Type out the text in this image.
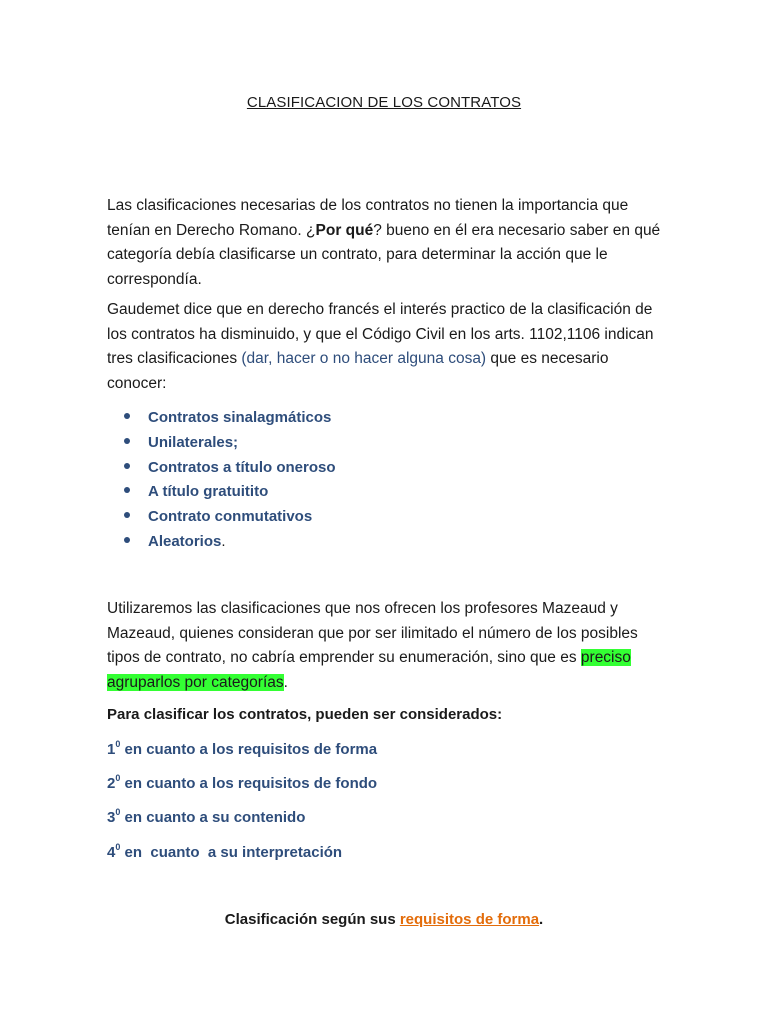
CLASIFICACION DE LOS CONTRATOS
Las clasificaciones necesarias de los contratos no tienen la importancia que tenían en Derecho Romano. ¿Por qué? bueno en él era necesario saber en qué categoría debía clasificarse un contrato, para determinar la acción que le correspondía.
Gaudemet dice que en derecho francés el interés practico de la clasificación de los contratos ha disminuido, y que el Código Civil en los arts. 1102,1106 indican tres clasificaciones (dar, hacer o no hacer alguna cosa) que es necesario conocer:
Contratos sinalagmáticos
Unilaterales;
Contratos a título oneroso
A título gratuitito
Contrato conmutativos
Aleatorios.
Utilizaremos las clasificaciones que nos ofrecen los profesores Mazeaud y Mazeaud, quienes consideran que por ser ilimitado el número de los posibles tipos de contrato, no cabría emprender su enumeración, sino que es preciso agruparlos por categorías.
Para clasificar los contratos, pueden ser considerados:
$1^0$ en cuanto a los requisitos de forma
$2^0$ en cuanto a los requisitos de fondo
$3^0$ en cuanto a su contenido
$4^0$ en  cuanto  a su interpretación
Clasificación según sus requisitos de forma.
